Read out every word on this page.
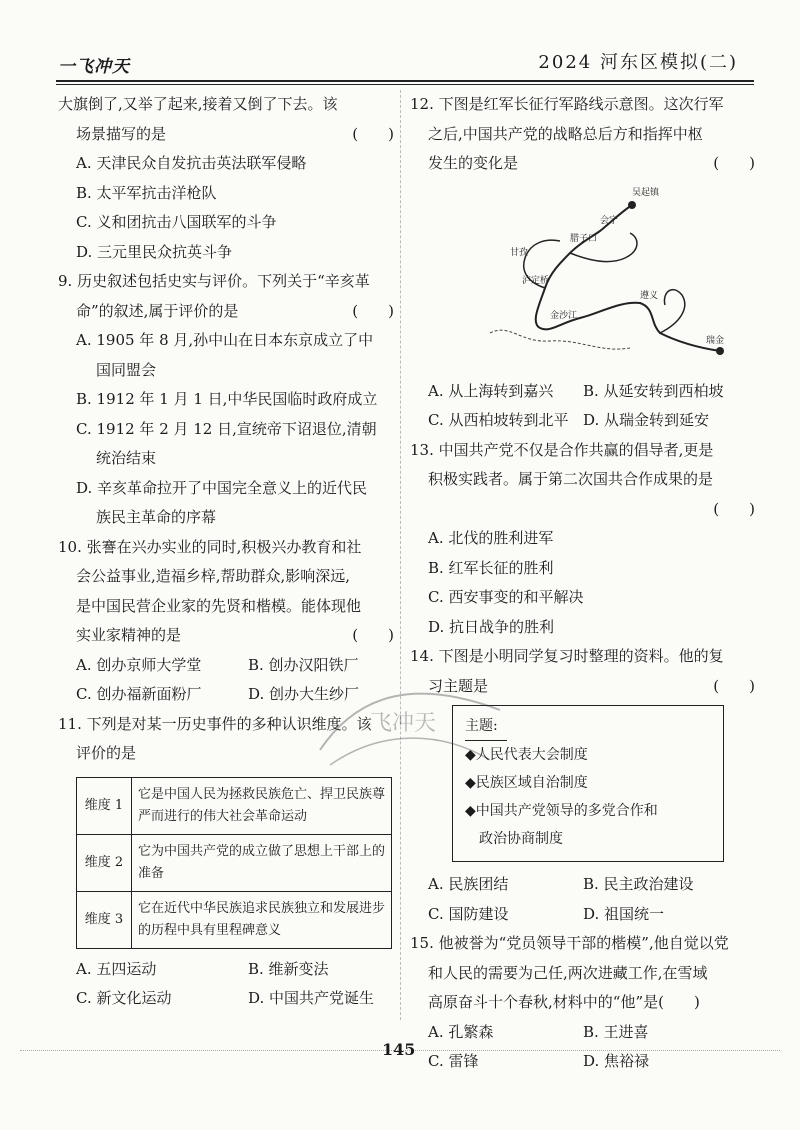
一飞冲天	2024 河东区模拟(二)
大旗倒了,又举了起来,接着又倒了下去。该
场景描写的是	(　　)
A. 天津民众自发抗击英法联军侵略
B. 太平军抗击洋枪队
C. 义和团抗击八国联军的斗争
D. 三元里民众抗英斗争
9. 历史叙述包括史实与评价。下列关于“辛亥革
命”的叙述,属于评价的是	(　　)
A. 1905 年 8 月,孙中山在日本东京成立了中
国同盟会
B. 1912 年 1 月 1 日,中华民国临时政府成立
C. 1912 年 2 月 12 日,宣统帝下诏退位,清朝
统治结束
D. 辛亥革命拉开了中国完全意义上的近代民
族民主革命的序幕
10. 张謇在兴办实业的同时,积极兴办教育和社
会公益事业,造福乡梓,帮助群众,影响深远,
是中国民营企业家的先贤和楷模。能体现他
实业家精神的是	(　　)
A. 创办京师大学堂	B. 创办汉阳铁厂
C. 创办福新面粉厂	D. 创办大生纱厂
11. 下列是对某一历史事件的多种认识维度。该
评价的是
维度 1	它是中国人民为拯救民族危亡、捍卫民族尊严而进行的伟大社会革命运动
维度 2	它为中国共产党的成立做了思想上干部上的准备
维度 3	它在近代中华民族追求民族独立和发展进步的历程中具有里程碑意义
A. 五四运动	B. 维新变法
C. 新文化运动	D. 中国共产党诞生
12. 下图是红军长征行军路线示意图。这次行军
之后,中国共产党的战略总后方和指挥中枢
发生的变化是	(　　)
吴起镇
会宁
腊子口
甘孜
泸定桥
遵义
金沙江
瑞金
A. 从上海转到嘉兴	B. 从延安转到西柏坡
C. 从西柏坡转到北平 D. 从瑞金转到延安
13. 中国共产党不仅是合作共赢的倡导者,更是
积极实践者。属于第二次国共合作成果的是
(　　)
A. 北伐的胜利进军
B. 红军长征的胜利
C. 西安事变的和平解决
D. 抗日战争的胜利
14. 下图是小明同学复习时整理的资料。他的复
习主题是	(　　)
主题:
◆人民代表大会制度
◆民族区域自治制度
◆中国共产党领导的多党合作和
政治协商制度
A. 民族团结	B. 民主政治建设
C. 国防建设	D. 祖国统一
15. 他被誉为“党员领导干部的楷模”,他自觉以党
和人民的需要为己任,两次进藏工作,在雪域
高原奋斗十个春秋,材料中的“他”是(　　)
A. 孔繁森	B. 王进喜
C. 雷锋	D. 焦裕禄
飞冲天
145
